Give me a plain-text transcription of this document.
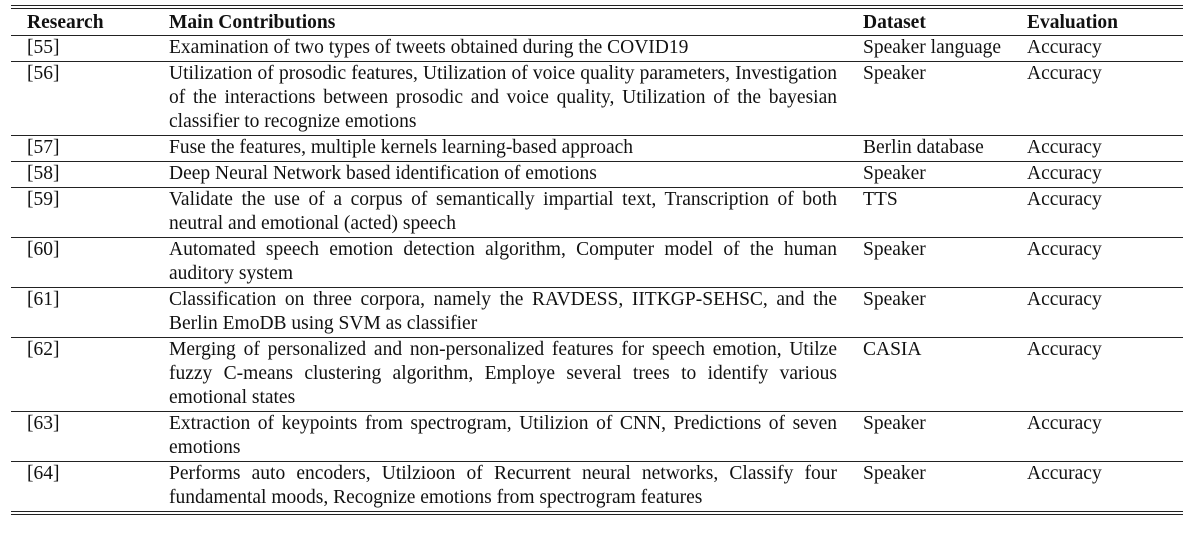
Research	Main Contributions	Dataset	Evaluation
[55]	Examination of two types of tweets obtained during the COVID19	Speaker language	Accuracy
[56]	Utilization of prosodic features, Utilization of voice quality parameters, Investigation of the interactions between prosodic and voice quality, Utilization of the bayesian classifier to recognize emotions	Speaker	Accuracy
[57]	Fuse the features, multiple kernels learning-based approach	Berlin database	Accuracy
[58]	Deep Neural Network based identification of emotions	Speaker	Accuracy
[59]	Validate the use of a corpus of semantically impartial text, Transcription of both neutral and emotional (acted) speech	TTS	Accuracy
[60]	Automated speech emotion detection algorithm, Computer model of the human auditory system	Speaker	Accuracy
[61]	Classification on three corpora, namely the RAVDESS, IITKGP-SEHSC, and the Berlin EmoDB using SVM as classifier	Speaker	Accuracy
[62]	Merging of personalized and non-personalized features for speech emotion, Utilze fuzzy C-means clustering algorithm, Employe several trees to identify various emotional states	CASIA	Accuracy
[63]	Extraction of keypoints from spectrogram, Utilizion of CNN, Predictions of seven emotions	Speaker	Accuracy
[64]	Performs auto encoders, Utilzioon of Recurrent neural networks, Classify four fundamental moods, Recognize emotions from spectrogram features	Speaker	Accuracy
